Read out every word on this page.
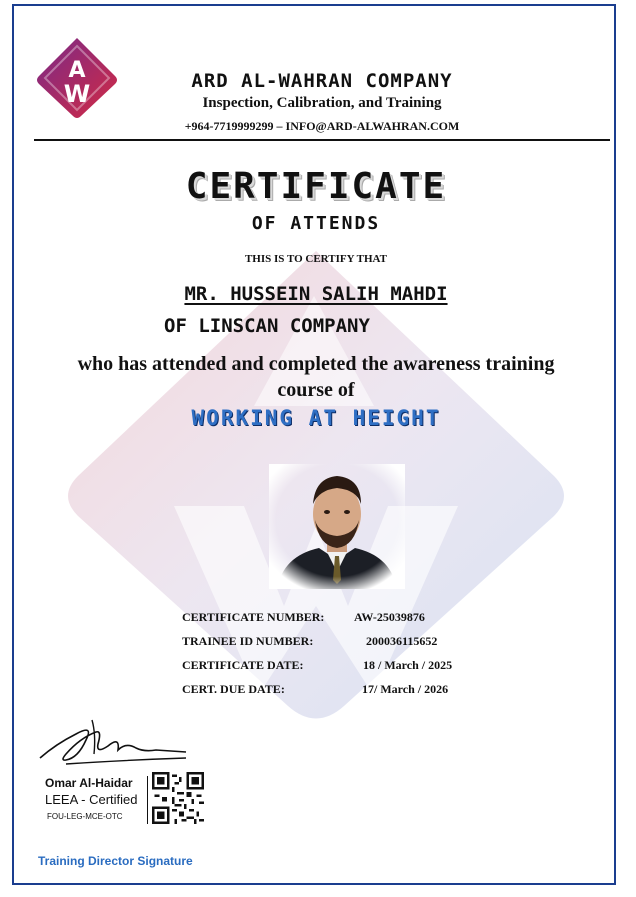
A
W	ARD AL-WAHRAN COMPANY
Inspection, Calibration, and Training
+964-7719999299 – INFO@ARD-ALWAHRAN.COM
CERTIFICATE
OF ATTENDS
THIS IS TO CERTIFY THAT
MR. HUSSEIN SALIH MAHDI
OF LINSCAN COMPANY
who has attended and completed the awareness training course of
WORKING AT HEIGHT
CERTIFICATE NUMBER: AW-25039876
TRAINEE ID NUMBER:	200036115652
CERTIFICATE DATE:	18 / March / 2025
CERT. DUE DATE:	17/ March / 2026
Omar Al-Haidar
LEEA - Certified
FOU-LEG-MCE-OTC
Training Director Signature
